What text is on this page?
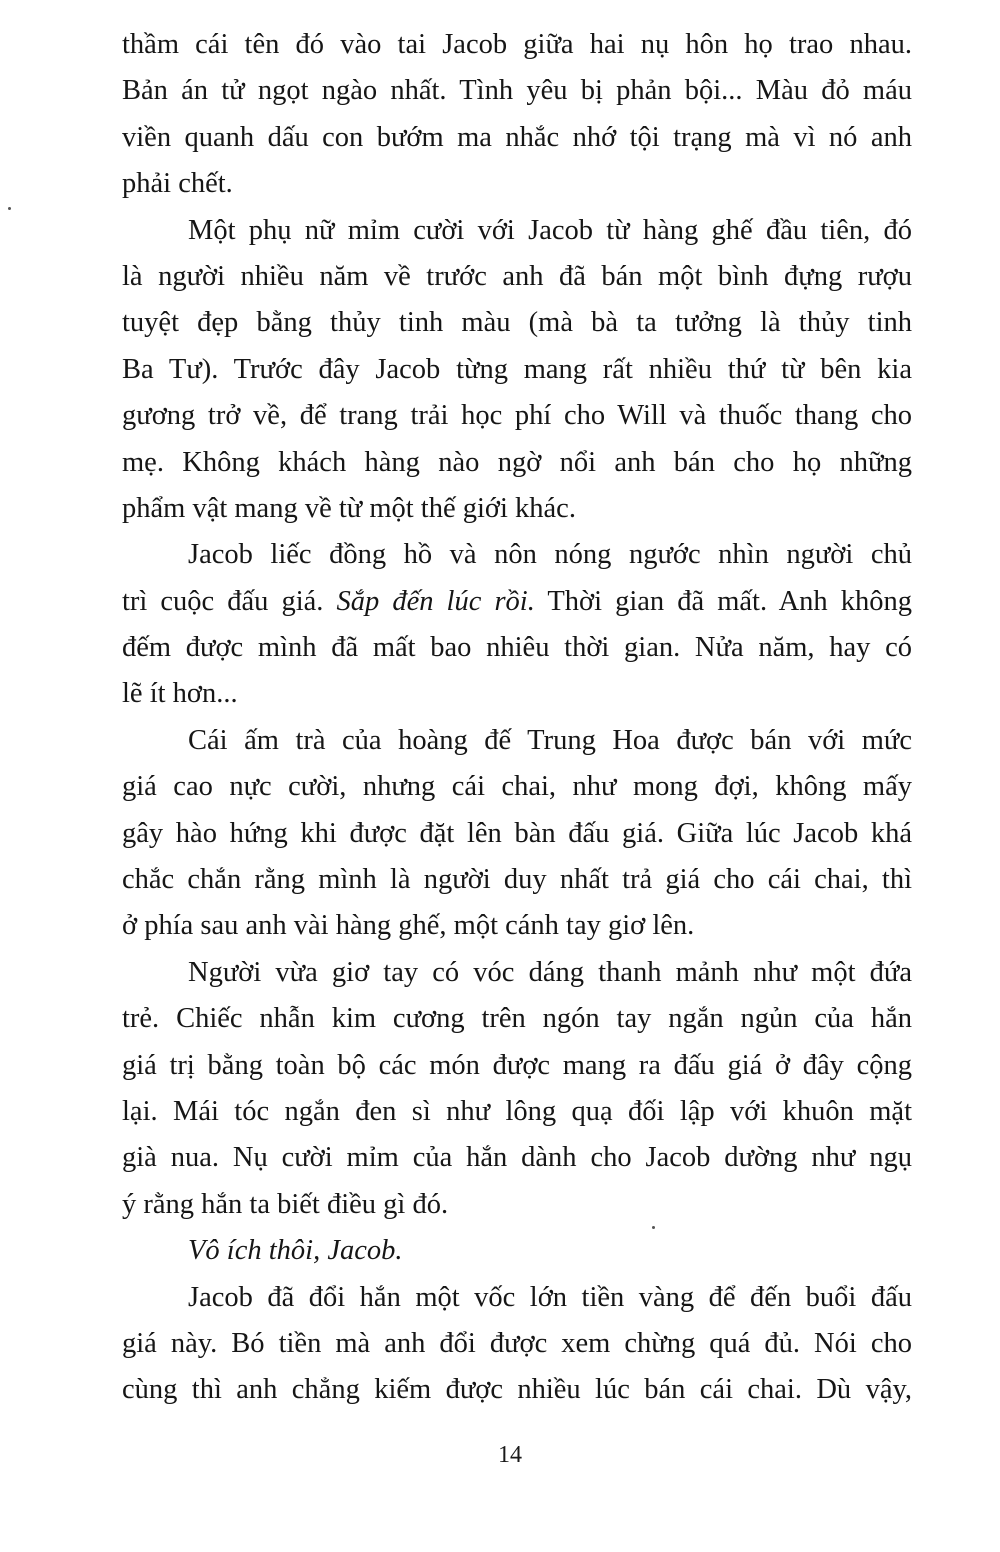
thầm cái tên đó vào tai Jacob giữa hai nụ hôn họ trao nhau.
Bản án tử ngọt ngào nhất. Tình yêu bị phản bội... Màu đỏ máu
viền quanh dấu con bướm ma nhắc nhớ tội trạng mà vì nó anh
phải chết.
Một phụ nữ mỉm cười với Jacob từ hàng ghế đầu tiên, đó
là người nhiều năm về trước anh đã bán một bình đựng rượu
tuyệt đẹp bằng thủy tinh màu (mà bà ta tưởng là thủy tinh
Ba Tư). Trước đây Jacob từng mang rất nhiều thứ từ bên kia
gương trở về, để trang trải học phí cho Will và thuốc thang cho
mẹ. Không khách hàng nào ngờ nổi anh bán cho họ những
phẩm vật mang về từ một thế giới khác.
Jacob liếc đồng hồ và nôn nóng ngước nhìn người chủ
trì cuộc đấu giá. Sắp đến lúc rồi. Thời gian đã mất. Anh không
đếm được mình đã mất bao nhiêu thời gian. Nửa năm, hay có
lẽ ít hơn...
Cái ấm trà của hoàng đế Trung Hoa được bán với mức
giá cao nực cười, nhưng cái chai, như mong đợi, không mấy
gây hào hứng khi được đặt lên bàn đấu giá. Giữa lúc Jacob khá
chắc chắn rằng mình là người duy nhất trả giá cho cái chai, thì
ở phía sau anh vài hàng ghế, một cánh tay giơ lên.
Người vừa giơ tay có vóc dáng thanh mảnh như một đứa
trẻ. Chiếc nhẫn kim cương trên ngón tay ngắn ngủn của hắn
giá trị bằng toàn bộ các món được mang ra đấu giá ở đây cộng
lại. Mái tóc ngắn đen sì như lông quạ đối lập với khuôn mặt
già nua. Nụ cười mỉm của hắn dành cho Jacob dường như ngụ
ý rằng hắn ta biết điều gì đó.
Vô ích thôi, Jacob.
Jacob đã đổi hắn một vốc lớn tiền vàng để đến buổi đấu
giá này. Bó tiền mà anh đổi được xem chừng quá đủ. Nói cho
cùng thì anh chẳng kiếm được nhiều lúc bán cái chai. Dù vậy,
14
